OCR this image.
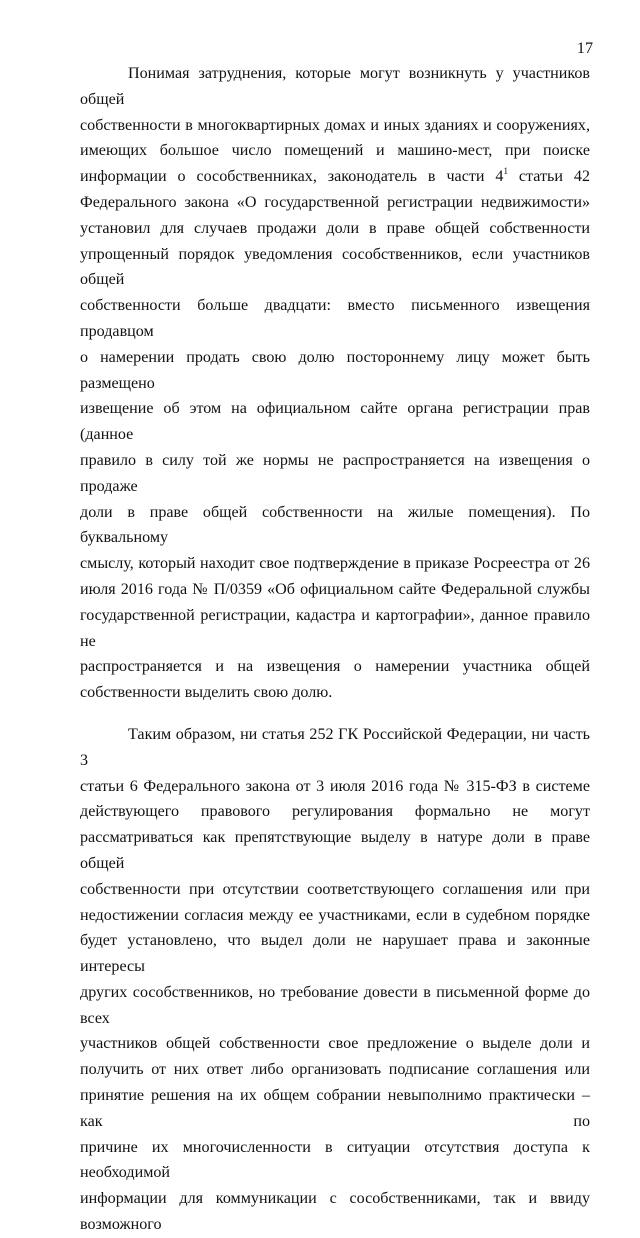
17
Понимая затруднения, которые могут возникнуть у участников общей
собственности в многоквартирных домах и иных зданиях и сооружениях,
имеющих большое число помещений и машино-мест, при поиске
информации о сособственниках, законодатель в части 4$^1$ статьи 42
Федерального закона «О государственной регистрации недвижимости»
установил для случаев продажи доли в праве общей собственности
упрощенный порядок уведомления сособственников, если участников общей
собственности больше двадцати: вместо письменного извещения продавцом
о намерении продать свою долю постороннему лицу может быть размещено
извещение об этом на официальном сайте органа регистрации прав (данное
правило в силу той же нормы не распространяется на извещения о продаже
доли в праве общей собственности на жилые помещения). По буквальному
смыслу, который находит свое подтверждение в приказе Росреестра от 26
июля 2016 года № П/0359 «Об официальном сайте Федеральной службы
государственной регистрации, кадастра и картографии», данное правило не
распространяется и на извещения о намерении участника общей
собственности выделить свою долю.
Таким образом, ни статья 252 ГК Российской Федерации, ни часть 3
статьи 6 Федерального закона от 3 июля 2016 года № 315-ФЗ в системе
действующего правового регулирования формально не могут
рассматриваться как препятствующие выделу в натуре доли в праве общей
собственности при отсутствии соответствующего соглашения или при
недостижении согласия между ее участниками, если в судебном порядке
будет установлено, что выдел доли не нарушает права и законные интересы
других сособственников, но требование довести в письменной форме до всех
участников общей собственности свое предложение о выделе доли и
получить от них ответ либо организовать подписание соглашения или
принятие решения на их общем собрании невыполнимо практически – как по
причине их многочисленности в ситуации отсутствия доступа к необходимой
информации для коммуникации с сособственниками, так и ввиду возможного
